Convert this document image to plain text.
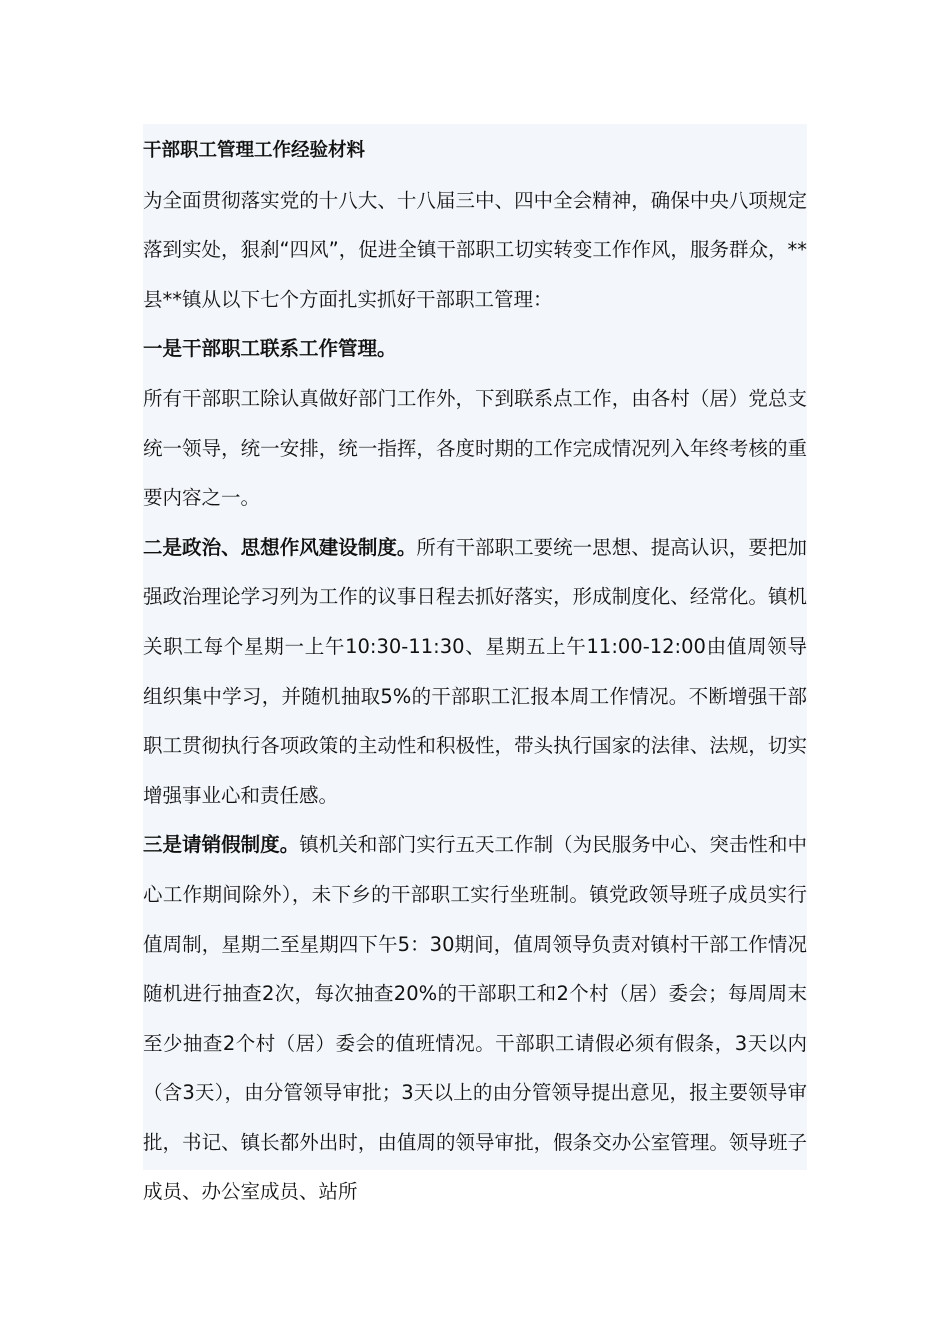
干部职工管理工作经验材料

为全面贯彻落实党的十八大、十八届三中、四中全会精神，确保中央八项规定落到实处，狠刹“四风”，促进全镇干部职工切实转变工作作风，服务群众，**县**镇从以下七个方面扎实抓好干部职工管理：

一是干部职工联系工作管理。

所有干部职工除认真做好部门工作外，下到联系点工作，由各村（居）党总支统一领导，统一安排，统一指挥，各度时期的工作完成情况列入年终考核的重要内容之一。

二是政治、思想作风建设制度。所有干部职工要统一思想、提高认识，要把加强政治理论学习列为工作的议事日程去抓好落实，形成制度化、经常化。镇机关职工每个星期一上午10:30-11:30、星期五上午11:00-12:00由值周领导组织集中学习，并随机抽取5%的干部职工汇报本周工作情况。不断增强干部职工贯彻执行各项政策的主动性和积极性，带头执行国家的法律、法规，切实增强事业心和责任感。

三是请销假制度。镇机关和部门实行五天工作制（为民服务中心、突击性和中心工作期间除外），未下乡的干部职工实行坐班制。镇党政领导班子成员实行值周制，星期二至星期四下午5：30期间，值周领导负责对镇村干部工作情况随机进行抽查2次，每次抽查20%的干部职工和2个村（居）委会；每周周末至少抽查2个村（居）委会的值班情况。干部职工请假必须有假条，3天以内（含3天），由分管领导审批；3天以上的由分管领导提出意见，报主要领导审批，书记、镇长都外出时，由值周的领导审批，假条交办公室管理。领导班子成员、办公室成员、站所
